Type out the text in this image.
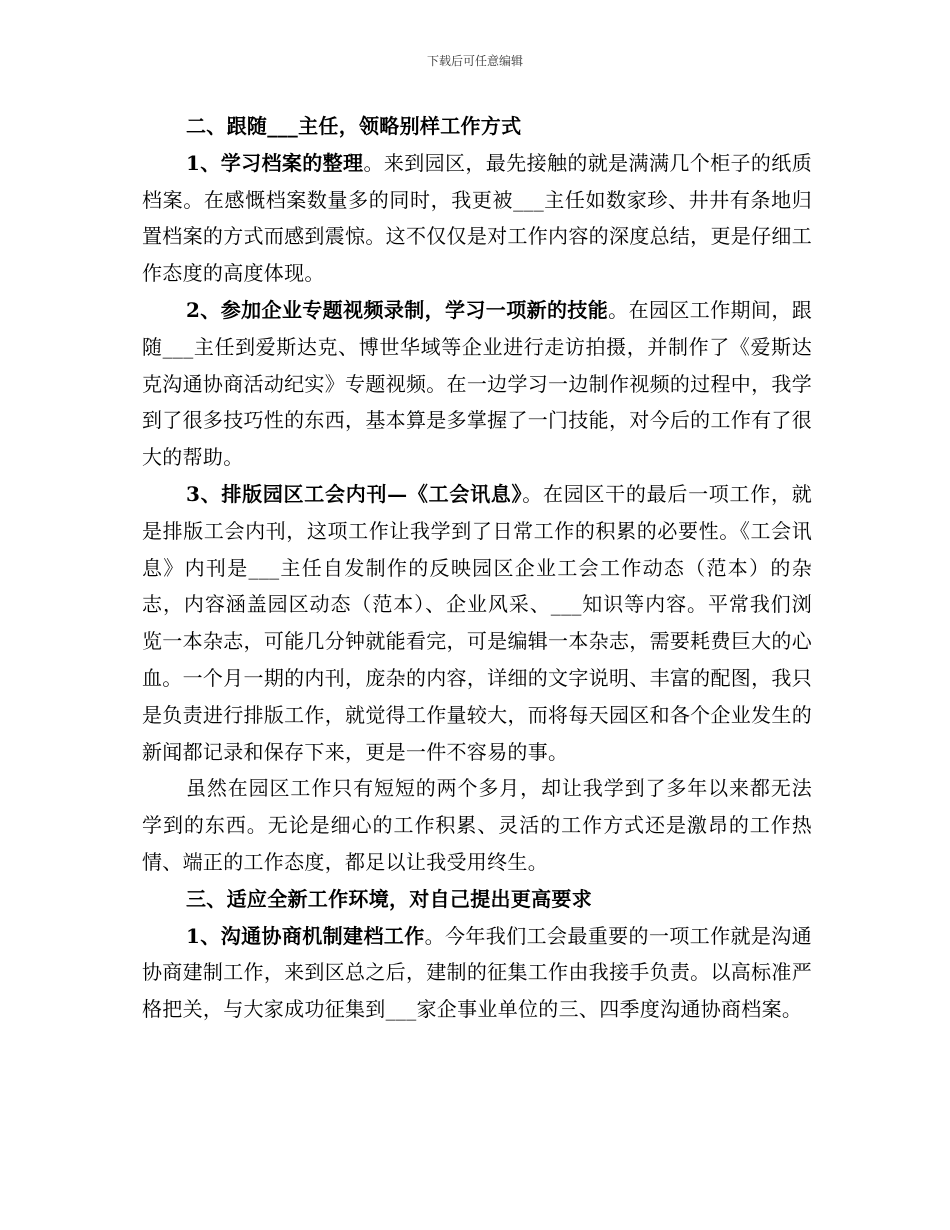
下载后可任意编辑

二、跟随___主任，领略别样工作方式

1、学习档案的整理。来到园区，最先接触的就是满满几个柜子的纸质档案。在感慨档案数量多的同时，我更被___主任如数家珍、井井有条地归置档案的方式而感到震惊。这不仅仅是对工作内容的深度总结，更是仔细工作态度的高度体现。

2、参加企业专题视频录制，学习一项新的技能。在园区工作期间，跟随___主任到爱斯达克、博世华域等企业进行走访拍摄，并制作了《爱斯达克沟通协商活动纪实》专题视频。在一边学习一边制作视频的过程中，我学到了很多技巧性的东西，基本算是多掌握了一门技能，对今后的工作有了很大的帮助。

3、排版园区工会内刊—《工会讯息》。在园区干的最后一项工作，就是排版工会内刊，这项工作让我学到了日常工作的积累的必要性。《工会讯息》内刊是___主任自发制作的反映园区企业工会工作动态（范本）的杂志，内容涵盖园区动态（范本）、企业风采、___知识等内容。平常我们浏览一本杂志，可能几分钟就能看完，可是编辑一本杂志，需要耗费巨大的心血。一个月一期的内刊，庞杂的内容，详细的文字说明、丰富的配图，我只是负责进行排版工作，就觉得工作量较大，而将每天园区和各个企业发生的新闻都记录和保存下来，更是一件不容易的事。

虽然在园区工作只有短短的两个多月，却让我学到了多年以来都无法学到的东西。无论是细心的工作积累、灵活的工作方式还是激昂的工作热情、端正的工作态度，都足以让我受用终生。

三、适应全新工作环境，对自己提出更高要求

1、沟通协商机制建档工作。今年我们工会最重要的一项工作就是沟通协商建制工作，来到区总之后，建制的征集工作由我接手负责。以高标准严格把关，与大家成功征集到___家企事业单位的三、四季度沟通协商档案。
